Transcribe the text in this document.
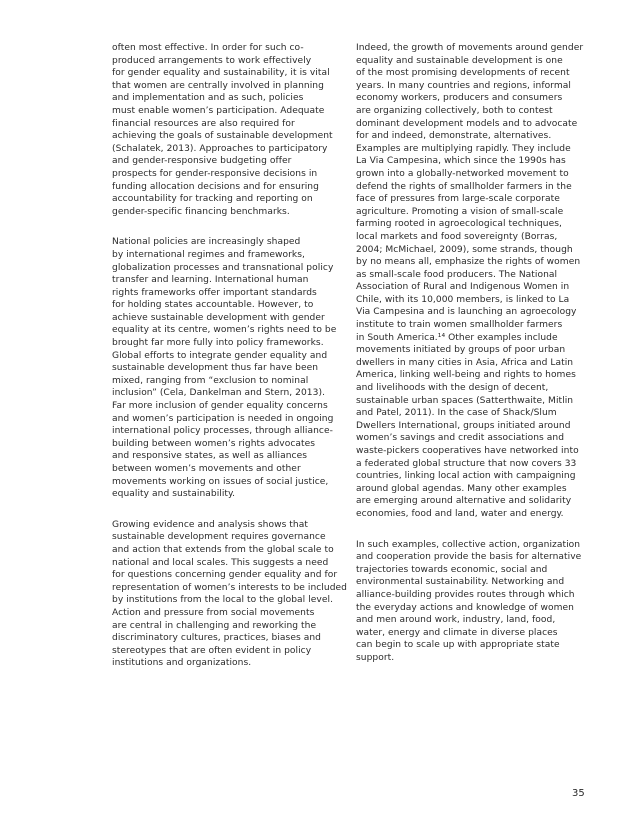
often most effective. In order for such co-
produced arrangements to work effectively
for gender equality and sustainability, it is vital
that women are centrally involved in planning
and implementation and as such, policies
must enable women’s participation. Adequate
financial resources are also required for
achieving the goals of sustainable development
(Schalatek, 2013). Approaches to participatory
and gender-responsive budgeting offer
prospects for gender-responsive decisions in
funding allocation decisions and for ensuring
accountability for tracking and reporting on
gender-specific financing benchmarks.

National policies are increasingly shaped
by international regimes and frameworks,
globalization processes and transnational policy
transfer and learning. International human
rights frameworks offer important standards
for holding states accountable. However, to
achieve sustainable development with gender
equality at its centre, women’s rights need to be
brought far more fully into policy frameworks.
Global efforts to integrate gender equality and
sustainable development thus far have been
mixed, ranging from “exclusion to nominal
inclusion” (Cela, Dankelman and Stern, 2013).
Far more inclusion of gender equality concerns
and women’s participation is needed in ongoing
international policy processes, through alliance-
building between women’s rights advocates
and responsive states, as well as alliances
between women’s movements and other
movements working on issues of social justice,
equality and sustainability.

Growing evidence and analysis shows that
sustainable development requires governance
and action that extends from the global scale to
national and local scales. This suggests a need
for questions concerning gender equality and for
representation of women’s interests to be included
by institutions from the local to the global level.
Action and pressure from social movements
are central in challenging and reworking the
discriminatory cultures, practices, biases and
stereotypes that are often evident in policy
institutions and organizations.

Indeed, the growth of movements around gender
equality and sustainable development is one
of the most promising developments of recent
years. In many countries and regions, informal
economy workers, producers and consumers
are organizing collectively, both to contest
dominant development models and to advocate
for and indeed, demonstrate, alternatives.
Examples are multiplying rapidly. They include
La Via Campesina, which since the 1990s has
grown into a globally-networked movement to
defend the rights of smallholder farmers in the
face of pressures from large-scale corporate
agriculture. Promoting a vision of small-scale
farming rooted in agroecological techniques,
local markets and food sovereignty (Borras,
2004; McMichael, 2009), some strands, though
by no means all, emphasize the rights of women
as small-scale food producers. The National
Association of Rural and Indigenous Women in
Chile, with its 10,000 members, is linked to La
Via Campesina and is launching an agroecology
institute to train women smallholder farmers
in South America.¹⁴ Other examples include
movements initiated by groups of poor urban
dwellers in many cities in Asia, Africa and Latin
America, linking well-being and rights to homes
and livelihoods with the design of decent,
sustainable urban spaces (Satterthwaite, Mitlin
and Patel, 2011). In the case of Shack/Slum
Dwellers International, groups initiated around
women’s savings and credit associations and
waste-pickers cooperatives have networked into
a federated global structure that now covers 33
countries, linking local action with campaigning
around global agendas. Many other examples
are emerging around alternative and solidarity
economies, food and land, water and energy.

In such examples, collective action, organization
and cooperation provide the basis for alternative
trajectories towards economic, social and
environmental sustainability. Networking and
alliance-building provides routes through which
the everyday actions and knowledge of women
and men around work, industry, land, food,
water, energy and climate in diverse places
can begin to scale up with appropriate state
support.

35
